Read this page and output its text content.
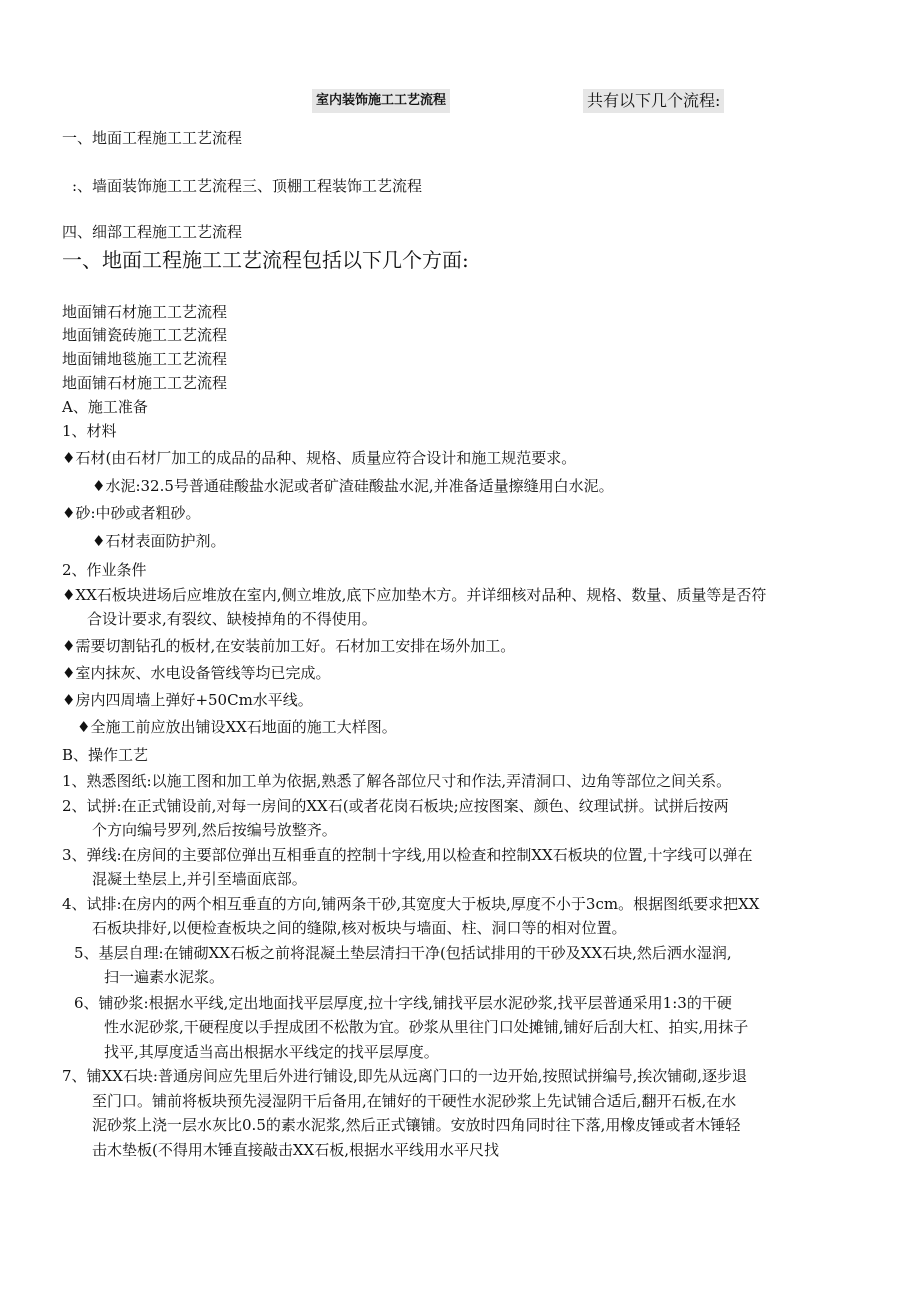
室内装饰施工工艺流程	共有以下几个流程:
一、地面工程施工工艺流程
:、墙面装饰施工工艺流程三、顶棚工程装饰工艺流程
四、细部工程施工工艺流程
一、地面工程施工工艺流程包括以下几个方面:
地面铺石材施工工艺流程
地面铺瓷砖施工工艺流程
地面铺地毯施工工艺流程
地面铺石材施工工艺流程
A、施工准备
1、材料
♦石材(由石材厂加工的成品的品种、规格、质量应符合设计和施工规范要求。
♦水泥:32.5号普通硅酸盐水泥或者矿渣硅酸盐水泥,并准备适量擦缝用白水泥。
♦砂:中砂或者粗砂。
♦石材表面防护剂。
2、作业条件
♦XX石板块进场后应堆放在室内,侧立堆放,底下应加垫木方。并详细核对品种、规格、数量、质量等是否符
合设计要求,有裂纹、缺棱掉角的不得使用。
♦需要切割钻孔的板材,在安装前加工好。石材加工安排在场外加工。
♦室内抹灰、水电设备管线等均已完成。
♦房内四周墙上弹好+50Cm水平线。
♦全施工前应放出铺设XX石地面的施工大样图。
B、操作工艺
1、熟悉图纸:以施工图和加工单为依据,熟悉了解各部位尺寸和作法,弄清洞口、边角等部位之间关系。
2、试拼:在正式铺设前,对每一房间的XX石(或者花岗石板块;应按图案、颜色、纹理试拼。试拼后按两
个方向编号罗列,然后按编号放整齐。
3、弹线:在房间的主要部位弹出互相垂直的控制十字线,用以检查和控制XX石板块的位置,十字线可以弹在
混凝土垫层上,并引至墙面底部。
4、试排:在房内的两个相互垂直的方向,铺两条干砂,其宽度大于板块,厚度不小于3cm。根据图纸要求把XX
石板块排好,以便检查板块之间的缝隙,核对板块与墙面、柱、洞口等的相对位置。
5、基层自理:在铺砌XX石板之前将混凝土垫层清扫干净(包括试排用的干砂及XX石块,然后洒水湿润,
扫一遍素水泥浆。
6、铺砂浆:根据水平线,定出地面找平层厚度,拉十字线,铺找平层水泥砂浆,找平层普通采用1:3的干硬
性水泥砂浆,干硬程度以手捏成团不松散为宜。砂浆从里往门口处摊铺,铺好后刮大杠、拍实,用抹子
找平,其厚度适当高出根据水平线定的找平层厚度。
7、铺XX石块:普通房间应先里后外进行铺设,即先从远离门口的一边开始,按照试拼编号,挨次铺砌,逐步退
至门口。铺前将板块预先浸湿阴干后备用,在铺好的干硬性水泥砂浆上先试铺合适后,翻开石板,在水
泥砂浆上浇一层水灰比0.5的素水泥浆,然后正式镶铺。安放时四角同时往下落,用橡皮锤或者木锤轻
击木垫板(不得用木锤直接敲击XX石板,根据水平线用水平尺找
